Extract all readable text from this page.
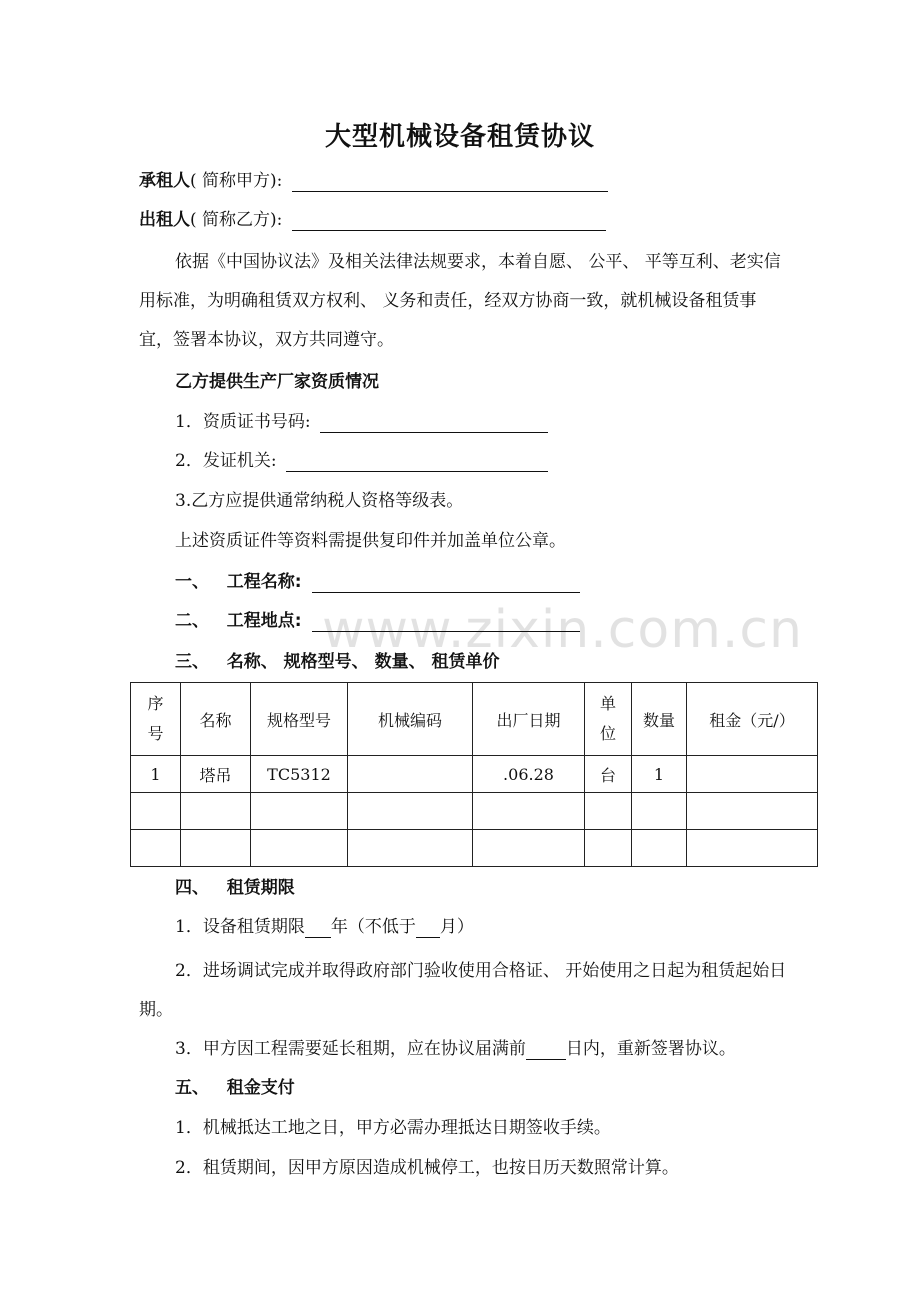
大型机械设备租赁协议
承租人( 简称甲方):
出租人( 简称乙方):
依据《中国协议法》及相关法律法规要求，本着自愿、 公平、 平等互利、老实信用标准，为明确租赁双方权利、 义务和责任，经双方协商一致，就机械设备租赁事宜，签署本协议，双方共同遵守。
乙方提供生产厂家资质情况
1．资质证书号码:
2．发证机关:
3.乙方应提供通常纳税人资格等级表。
上述资质证件等资料需提供复印件并加盖单位公章。
一、 工程名称:
www.zixin.com.cn
二、 工程地点:
三、 名称、 规格型号、 数量、 租赁单价
序号	名称	规格型号	机械编码	出厂日期	单位	数量	租金（元/）
1	塔吊	TC5312		.06.28	台	1	

四、 租赁期限
1．设备租赁期限 年（不低于 月）
2．进场调试完成并取得政府部门验收使用合格证、 开始使用之日起为租赁起始日期。
3．甲方因工程需要延长租期，应在协议届满前 日内，重新签署协议。
五、 租金支付
1．机械抵达工地之日，甲方必需办理抵达日期签收手续。
2．租赁期间，因甲方原因造成机械停工，也按日历天数照常计算。
